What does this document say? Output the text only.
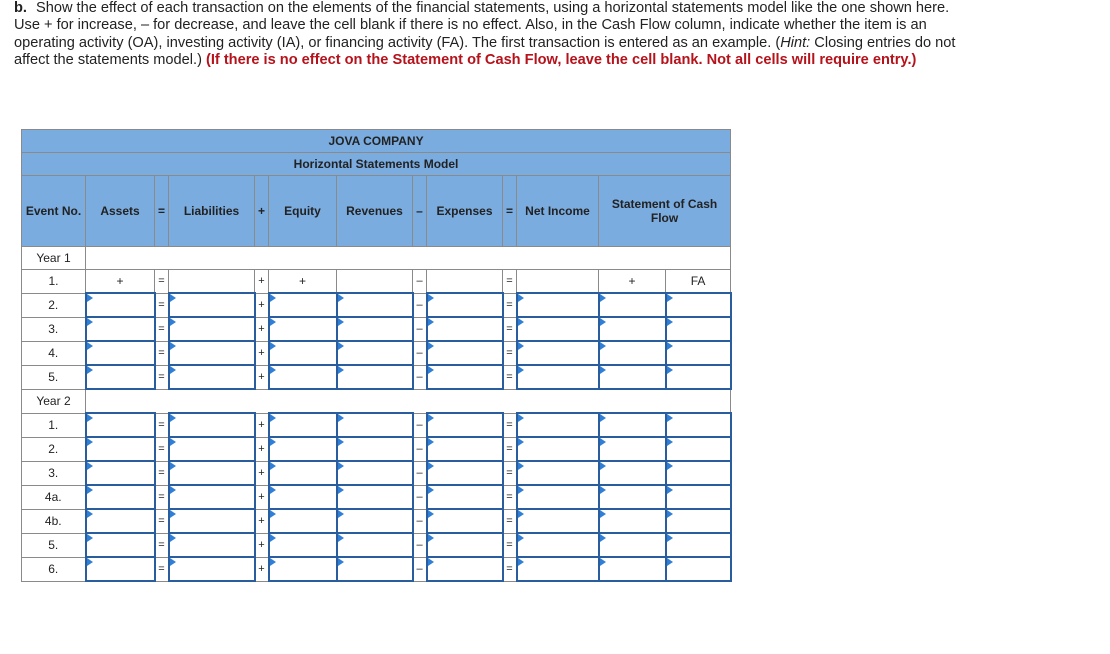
b. Show the effect of each transaction on the elements of the financial statements, using a horizontal statements model like the one shown here. Use + for increase, – for decrease, and leave the cell blank if there is no effect. Also, in the Cash Flow column, indicate whether the item is an operating activity (OA), investing activity (IA), or financing activity (FA). The first transaction is entered as an example. (Hint: Closing entries do not affect the statements model.) (If there is no effect on the Statement of Cash Flow, leave the cell blank. Not all cells will require entry.)

JOVA COMPANY												
Horizontal Statements Model												
Event No.	Assets	=	Liabilities	+	Equity	Revenues	–	Expenses	=	Net Income	Statement of Cash Flow	
Year 1												
1.	+	=		+	+		–		=		+	FA
2.		=		+			–		=			
3.		=		+			–		=			
4.		=		+			–		=			
5.		=		+			–		=			
Year 2												
1.		=		+			–		=			
2.		=		+			–		=			
3.		=		+			–		=			
4a.		=		+			–		=			
4b.		=		+			–		=			
5.		=		+			–		=			
6.		=		+			–		=			
